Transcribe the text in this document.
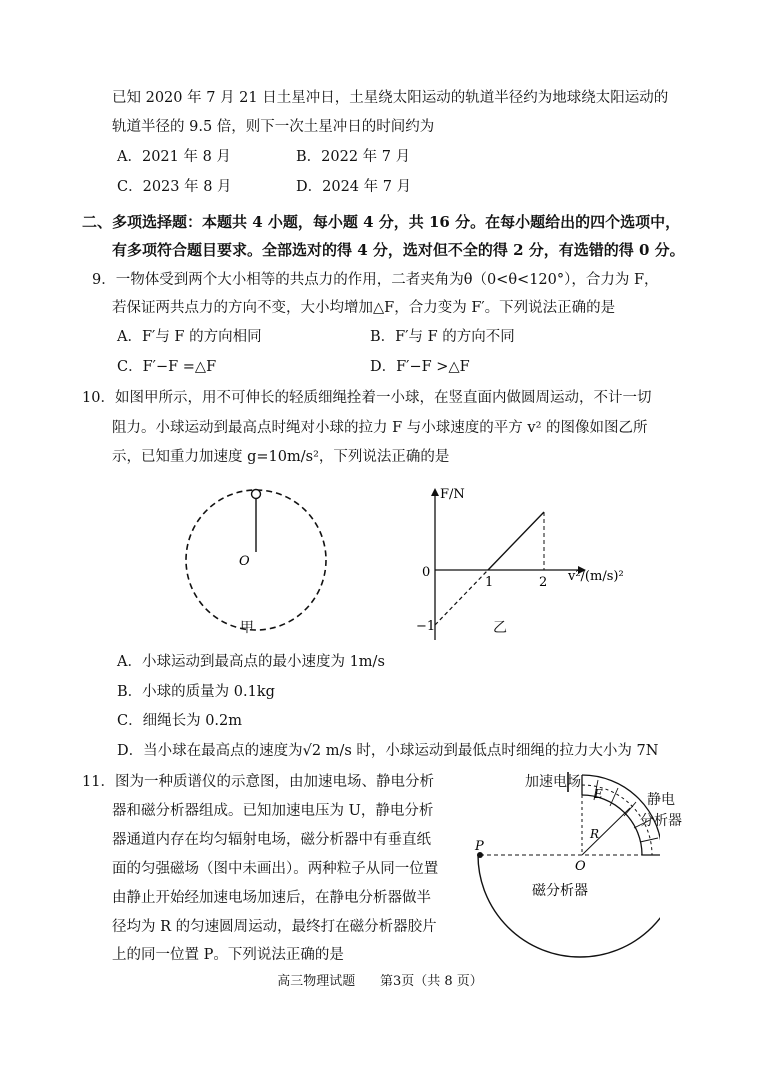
已知 2020 年 7 月 21 日土星冲日，土星绕太阳运动的轨道半径约为地球绕太阳运动的
轨道半径的 9.5 倍，则下一次土星冲日的时间约为
A．2021 年 8 月	B．2022 年 7 月
C．2023 年 8 月	D．2024 年 7 月
二、多项选择题：本题共 4 小题，每小题 4 分，共 16 分。在每小题给出的四个选项中，
有多项符合题目要求。全部选对的得 4 分，选对但不全的得 2 分，有选错的得 0 分。
9．一物体受到两个大小相等的共点力的作用，二者夹角为θ（0<θ<120°），合力为 F，
若保证两共点力的方向不变，大小均增加△F，合力变为 F′。下列说法正确的是
A．F′与 F 的方向相同	B．F′与 F 的方向不同
C．F′−F =△F	D．F′−F >△F
10．如图甲所示，用不可伸长的轻质细绳拴着一小球，在竖直面内做圆周运动，不计一切
阻力。小球运动到最高点时绳对小球的拉力 F 与小球速度的平方 v² 的图像如图乙所
示，已知重力加速度 g=10m/s²，下列说法正确的是
O
甲
F/N
v²/(m/s)²
0
1	2
−1	乙
A．小球运动到最高点的最小速度为 1m/s
B．小球的质量为 0.1kg
C．细绳长为 0.2m
D．当小球在最高点的速度为√2 m/s 时，小球运动到最低点时细绳的拉力大小为 7N
11．图为一种质谱仪的示意图，由加速电场、静电分析
器和磁分析器组成。已知加速电压为 U，静电分析
器通道内存在均匀辐射电场，磁分析器中有垂直纸
面的匀强磁场（图中未画出）。两种粒子从同一位置
由静止开始经加速电场加速后，在静电分析器做半
径均为 R 的匀速圆周运动，最终打在磁分析器胶片
上的同一位置 P。下列说法正确的是
P
O
E
R
磁分析器
加速电场
静电
分析器
高三物理试题 第3页（共 8 页）
